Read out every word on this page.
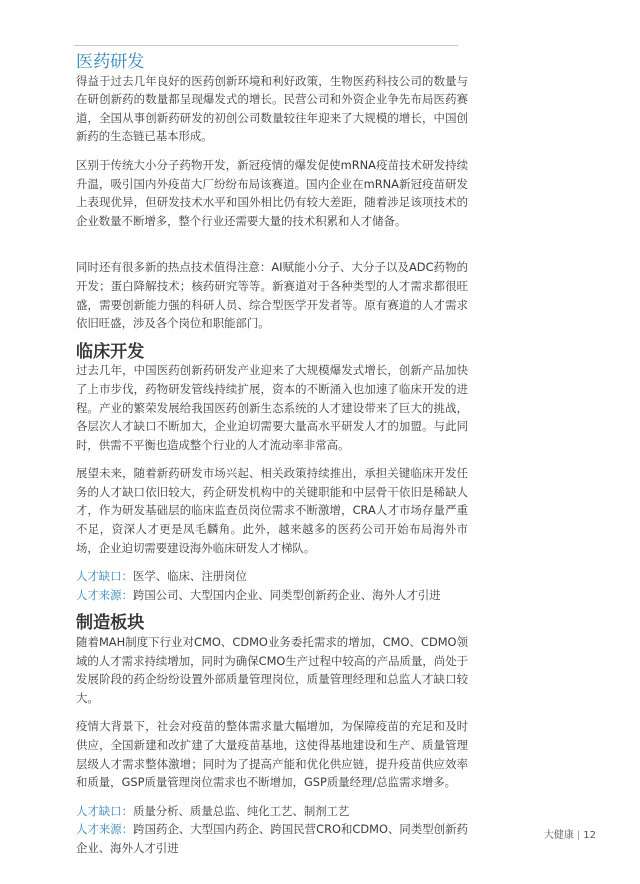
医药研发

得益于过去几年良好的医药创新环境和利好政策，生物医药科技公司的数量与在研创新药的数量都呈现爆发式的增长。民营公司和外资企业争先布局医药赛道，全国从事创新药研发的初创公司数量较往年迎来了大规模的增长，中国创新药的生态链已基本形成。

区别于传统大小分子药物开发，新冠疫情的爆发促使mRNA疫苗技术研发持续升温，吸引国内外疫苗大厂纷纷布局该赛道。国内企业在mRNA新冠疫苗研发上表现优异，但研发技术水平和国外相比仍有较大差距，随着涉足该项技术的企业数量不断增多，整个行业还需要大量的技术积累和人才储备。

同时还有很多新的热点技术值得注意：AI赋能小分子、大分子以及ADC药物的开发；蛋白降解技术；核药研究等等。新赛道对于各种类型的人才需求都很旺盛，需要创新能力强的科研人员、综合型医学开发者等。原有赛道的人才需求依旧旺盛，涉及各个岗位和职能部门。

临床开发

过去几年，中国医药创新药研发产业迎来了大规模爆发式增长，创新产品加快了上市步伐，药物研发管线持续扩展，资本的不断涌入也加速了临床开发的进程。产业的繁荣发展给我国医药创新生态系统的人才建设带来了巨大的挑战，各层次人才缺口不断加大，企业迫切需要大量高水平研发人才的加盟。与此同时，供需不平衡也造成整个行业的人才流动率非常高。

展望未来，随着新药研发市场兴起、相关政策持续推出，承担关键临床开发任务的人才缺口依旧较大，药企研发机构中的关键职能和中层骨干依旧是稀缺人才，作为研发基础层的临床监查员岗位需求不断激增，CRA人才市场存量严重不足，资深人才更是凤毛麟角。此外，越来越多的医药公司开始布局海外市场，企业迫切需要建设海外临床研发人才梯队。

人才缺口：医学、临床、注册岗位

人才来源：跨国公司、大型国内企业、同类型创新药企业、海外人才引进

制造板块

随着MAH制度下行业对CMO、CDMO业务委托需求的增加，CMO、CDMO领域的人才需求持续增加，同时为确保CMO生产过程中较高的产品质量，尚处于发展阶段的药企纷纷设置外部质量管理岗位，质量管理经理和总监人才缺口较大。

疫情大背景下，社会对疫苗的整体需求量大幅增加，为保障疫苗的充足和及时供应，全国新建和改扩建了大量疫苗基地，这使得基地建设和生产、质量管理层级人才需求整体激增；同时为了提高产能和优化供应链，提升疫苗供应效率和质量，GSP质量管理岗位需求也不断增加，GSP质量经理/总监需求增多。

人才缺口：质量分析、质量总监、纯化工艺、制剂工艺

人才来源：跨国药企、大型国内药企、跨国民营CRO和CDMO、同类型创新药企业、海外人才引进

大健康 | 12
